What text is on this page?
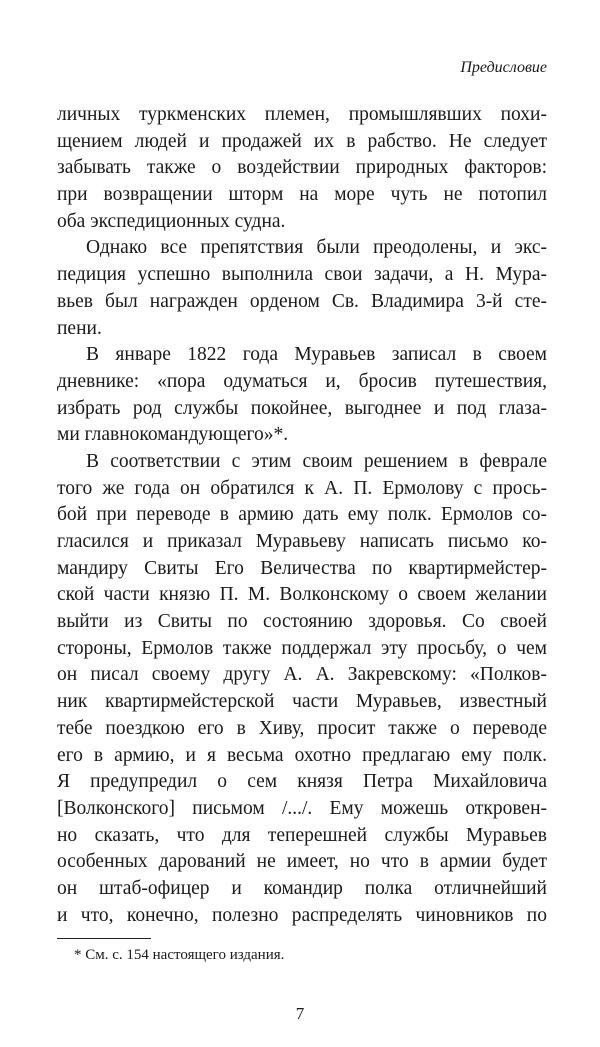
Предисловие
личных туркменских племен, промышлявших похи-
щением людей и продажей их в рабство. Не следует
забывать также о воздействии природных факторов:
при возвращении шторм на море чуть не потопил
оба экспедиционных судна.
Однако все препятствия были преодолены, и экс-
педиция успешно выполнила свои задачи, а Н. Мура-
вьев был награжден орденом Св. Владимира 3-й сте-
пени.
В январе 1822 года Муравьев записал в своем
дневнике: «пора одуматься и, бросив путешествия,
избрать род службы покойнее, выгоднее и под глаза-
ми главнокомандующего»*.
В соответствии с этим своим решением в феврале
того же года он обратился к А. П. Ермолову с прось-
бой при переводе в армию дать ему полк. Ермолов со-
гласился и приказал Муравьеву написать письмо ко-
мандиру Свиты Его Величества по квартирмейстер-
ской части князю П. М. Волконскому о своем желании
выйти из Свиты по состоянию здоровья. Со своей
стороны, Ермолов также поддержал эту просьбу, о чем
он писал своему другу А. А. Закревскому: «Полков-
ник квартирмейстерской части Муравьев, известный
тебе поездкою его в Хиву, просит также о переводе
его в армию, и я весьма охотно предлагаю ему полк.
Я предупредил о сем князя Петра Михайловича
[Волконского] письмом /.../. Ему можешь откровен-
но сказать, что для теперешней службы Муравьев
особенных дарований не имеет, но что в армии будет
он штаб-офицер и командир полка отличнейший
и что, конечно, полезно распределять чиновников по
* См. с. 154 настоящего издания.
7
